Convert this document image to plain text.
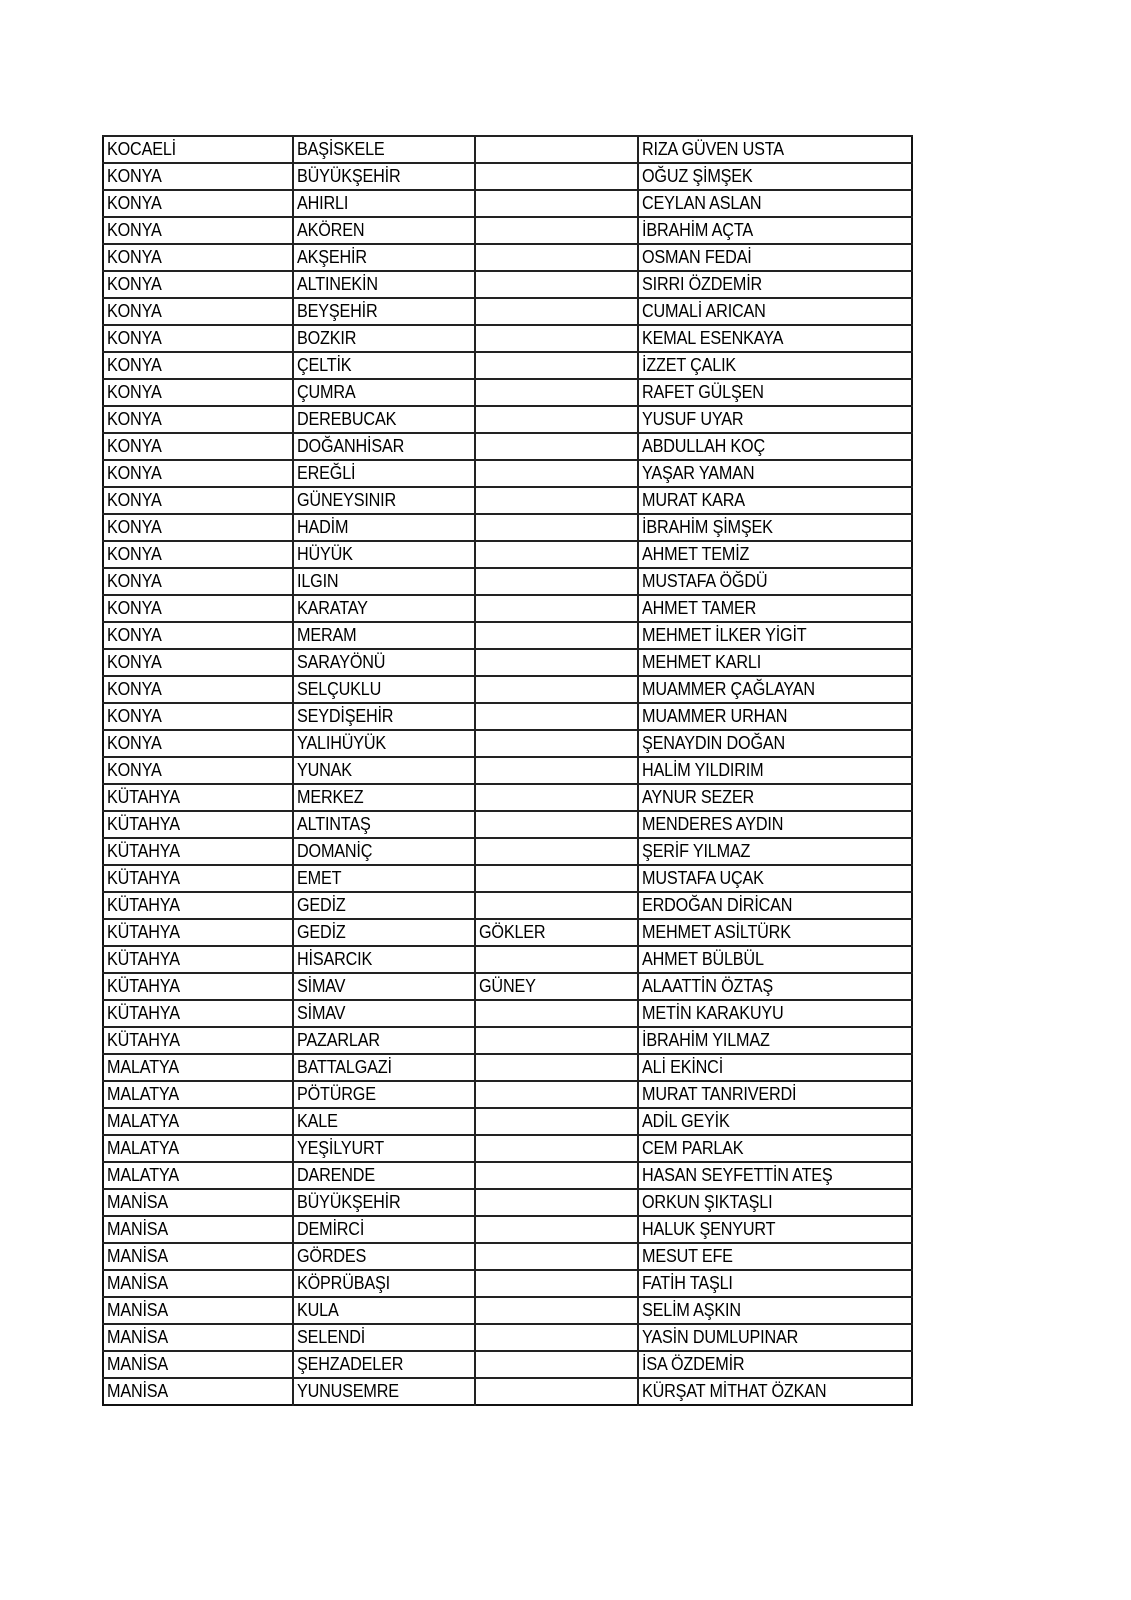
KOCAELİ	BAŞİSKELE		RIZA GÜVEN USTA
KONYA	BÜYÜKŞEHİR		OĞUZ ŞİMŞEK
KONYA	AHIRLI		CEYLAN ASLAN
KONYA	AKÖREN		İBRAHİM AÇTA
KONYA	AKŞEHİR		OSMAN FEDAİ
KONYA	ALTINEKİN		SIRRI ÖZDEMİR
KONYA	BEYŞEHİR		CUMALİ ARICAN
KONYA	BOZKIR		KEMAL ESENKAYA
KONYA	ÇELTİK		İZZET ÇALIK
KONYA	ÇUMRA		RAFET GÜLŞEN
KONYA	DEREBUCAK		YUSUF UYAR
KONYA	DOĞANHİSAR		ABDULLAH KOÇ
KONYA	EREĞLİ		YAŞAR YAMAN
KONYA	GÜNEYSINIR		MURAT KARA
KONYA	HADİM		İBRAHİM ŞİMŞEK
KONYA	HÜYÜK		AHMET TEMİZ
KONYA	ILGIN		MUSTAFA ÖĞDÜ
KONYA	KARATAY		AHMET TAMER
KONYA	MERAM		MEHMET İLKER YİGİT
KONYA	SARAYÖNÜ		MEHMET KARLI
KONYA	SELÇUKLU		MUAMMER ÇAĞLAYAN
KONYA	SEYDİŞEHİR		MUAMMER URHAN
KONYA	YALIHÜYÜK		ŞENAYDIN DOĞAN
KONYA	YUNAK		HALİM YILDIRIM
KÜTAHYA	MERKEZ		AYNUR SEZER
KÜTAHYA	ALTINTAŞ		MENDERES AYDIN
KÜTAHYA	DOMANİÇ		ŞERİF YILMAZ
KÜTAHYA	EMET		MUSTAFA UÇAK
KÜTAHYA	GEDİZ		ERDOĞAN DİRİCAN
KÜTAHYA	GEDİZ	GÖKLER	MEHMET ASİLTÜRK
KÜTAHYA	HİSARCIK		AHMET BÜLBÜL
KÜTAHYA	SİMAV	GÜNEY	ALAATTİN ÖZTAŞ
KÜTAHYA	SİMAV		METİN KARAKUYU
KÜTAHYA	PAZARLAR		İBRAHİM YILMAZ
MALATYA	BATTALGAZİ		ALİ EKİNCİ
MALATYA	PÖTÜRGE		MURAT TANRIVERDİ
MALATYA	KALE		ADİL GEYİK
MALATYA	YEŞİLYURT		CEM PARLAK
MALATYA	DARENDE		HASAN SEYFETTİN ATEŞ
MANİSA	BÜYÜKŞEHİR		ORKUN ŞIKTAŞLI
MANİSA	DEMİRCİ		HALUK ŞENYURT
MANİSA	GÖRDES		MESUT EFE
MANİSA	KÖPRÜBAŞI		FATİH TAŞLI
MANİSA	KULA		SELİM AŞKIN
MANİSA	SELENDİ		YASİN DUMLUPINAR
MANİSA	ŞEHZADELER		İSA ÖZDEMİR
MANİSA	YUNUSEMRE		KÜRŞAT MİTHAT ÖZKAN
